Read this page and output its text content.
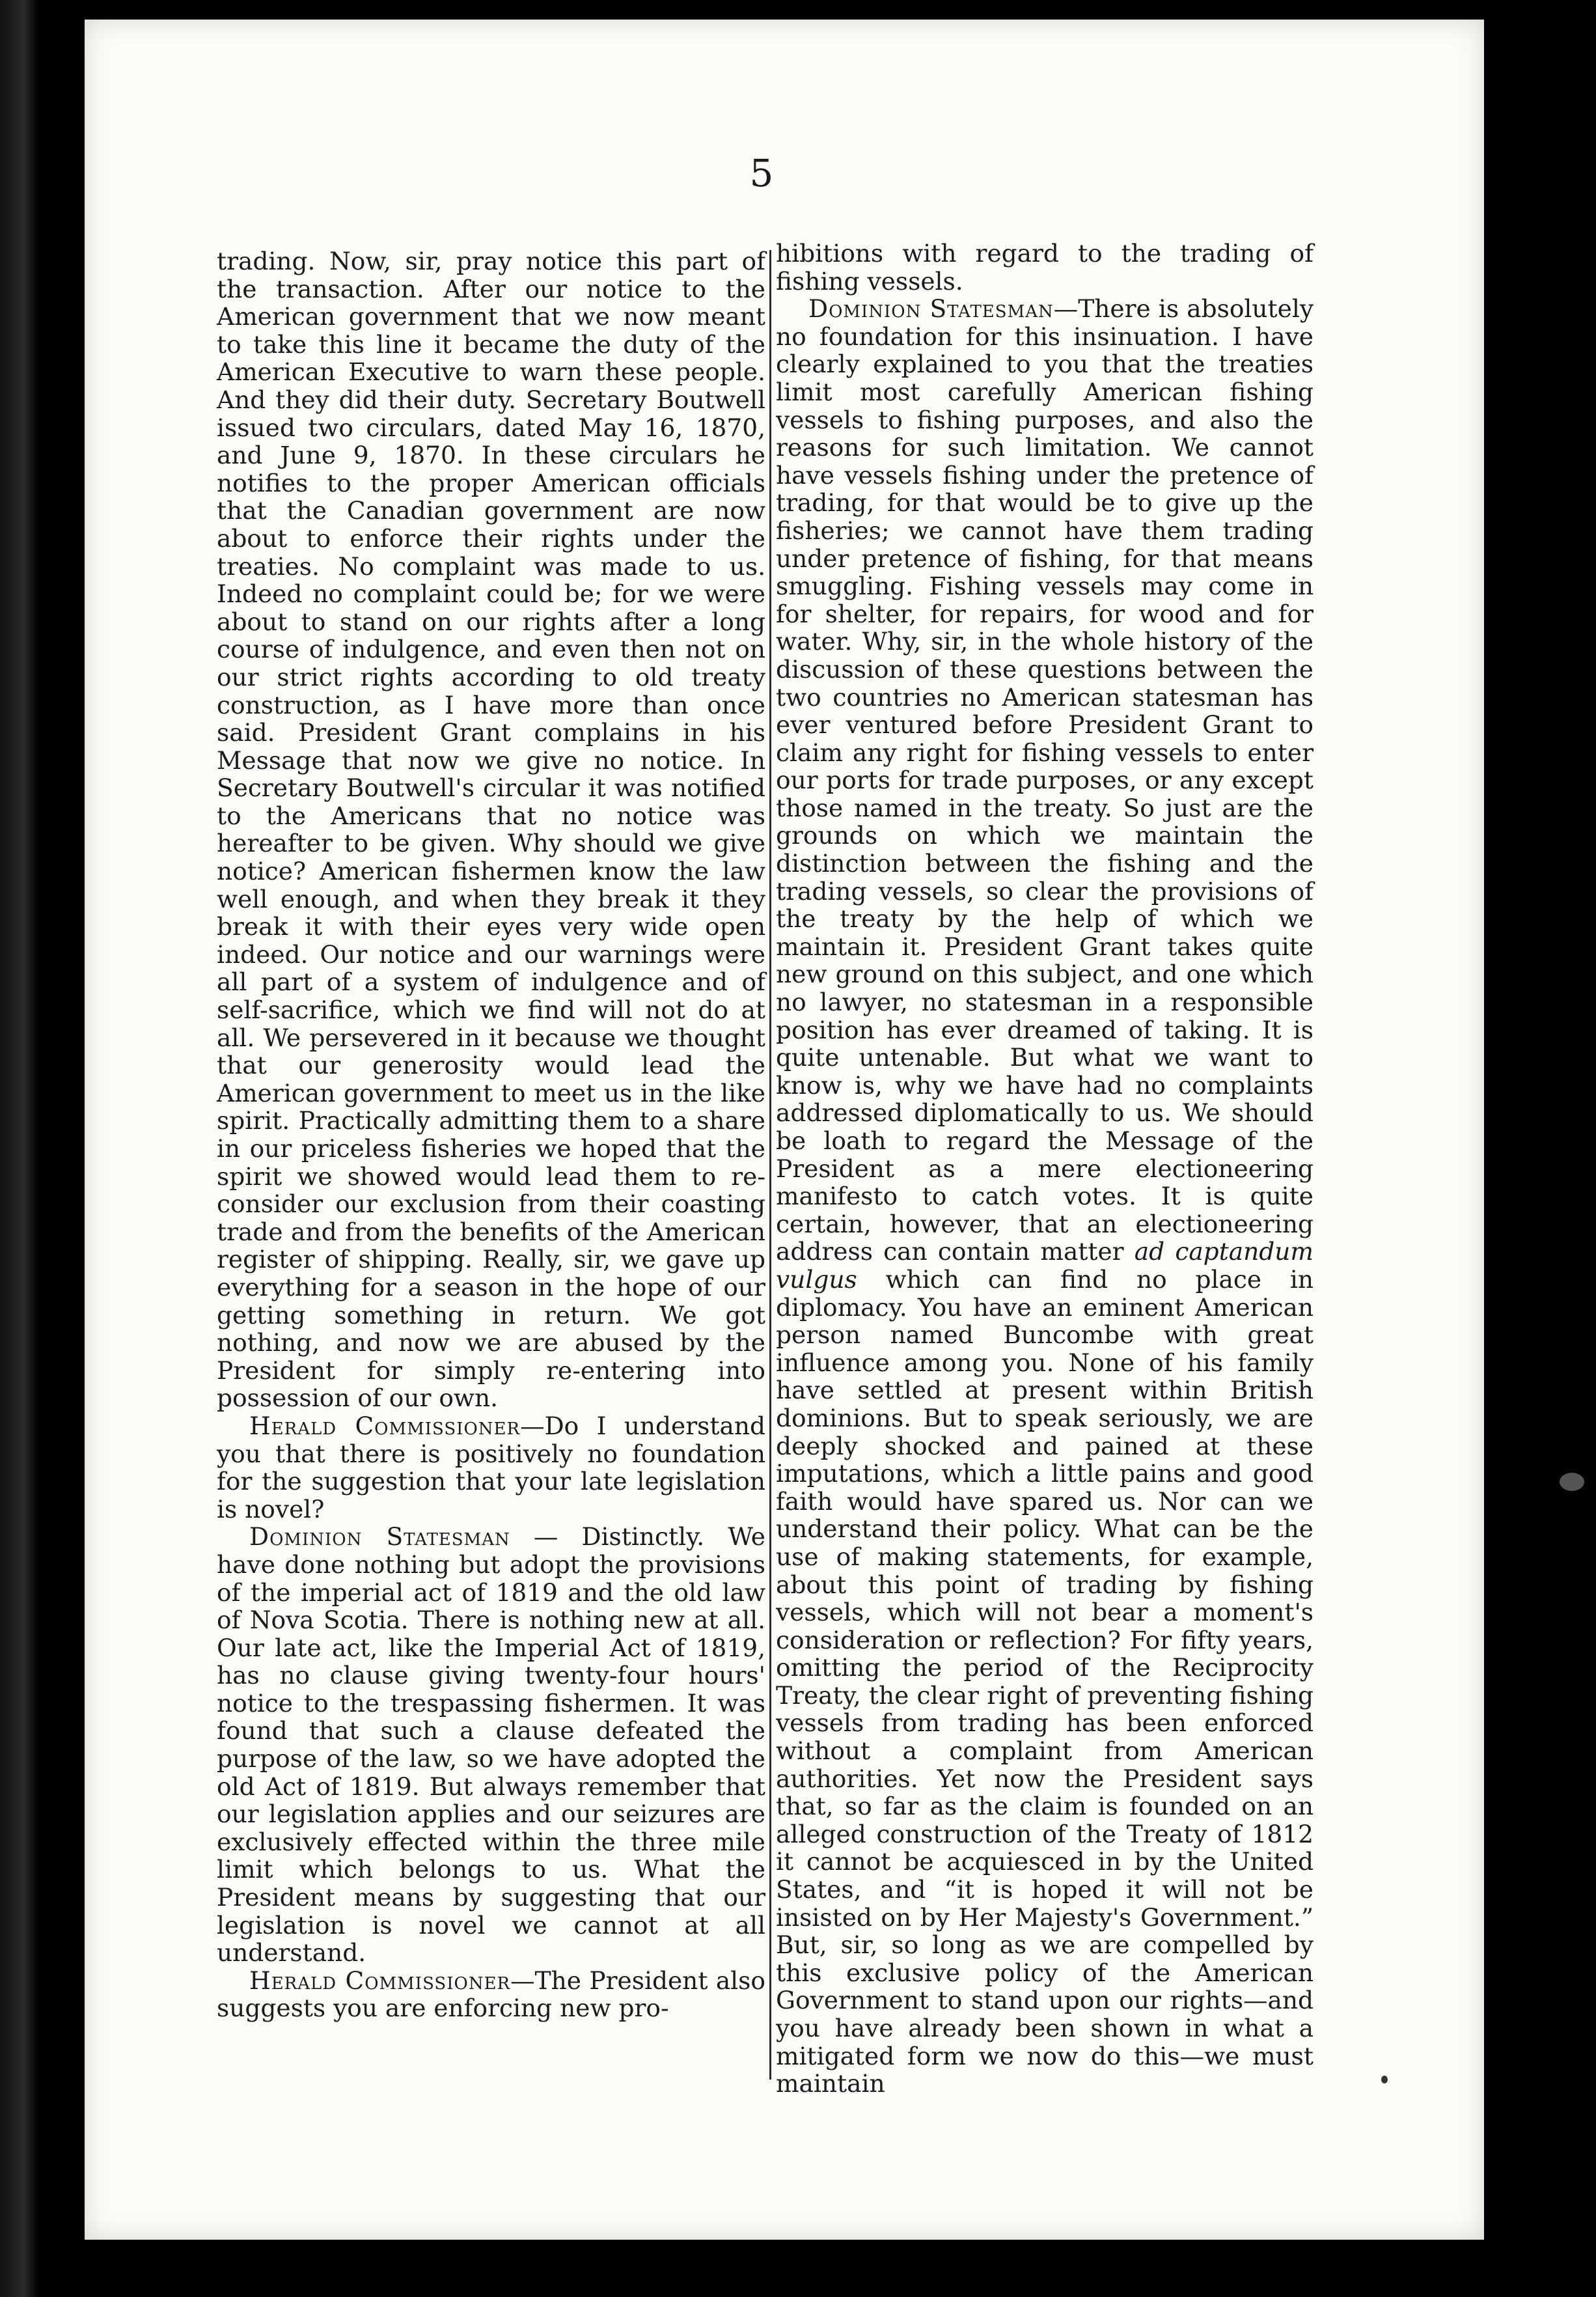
5

trading. Now, sir, pray notice this part of the transaction. After our notice to the American government that we now meant to take this line it became the duty of the American Executive to warn these people. And they did their duty. Secretary Boutwell issued two circulars, dated May 16, 1870, and June 9, 1870. In these circulars he notifies to the proper American officials that the Canadian government are now about to enforce their rights under the treaties. No complaint was made to us. Indeed no complaint could be; for we were about to stand on our rights after a long course of indulgence, and even then not on our strict rights according to old treaty construction, as I have more than once said. President Grant complains in his Message that now we give no notice. In Secretary Boutwell's circular it was notified to the Americans that no notice was hereafter to be given. Why should we give notice? American fishermen know the law well enough, and when they break it they break it with their eyes very wide open indeed. Our notice and our warnings were all part of a system of indulgence and of self-sacrifice, which we find will not do at all. We persevered in it because we thought that our generosity would lead the American government to meet us in the like spirit. Practically admitting them to a share in our priceless fisheries we hoped that the spirit we showed would lead them to re-consider our exclusion from their coasting trade and from the benefits of the American register of shipping. Really, sir, we gave up everything for a season in the hope of our getting something in return. We got nothing, and now we are abused by the President for simply re-entering into possession of our own.

Herald Commissioner—Do I understand you that there is positively no foundation for the suggestion that your late legislation is novel?

Dominion Statesman — Distinctly. We have done nothing but adopt the provisions of the imperial act of 1819 and the old law of Nova Scotia. There is nothing new at all. Our late act, like the Imperial Act of 1819, has no clause giving twenty-four hours' notice to the trespassing fishermen. It was found that such a clause defeated the purpose of the law, so we have adopted the old Act of 1819. But always remember that our legislation applies and our seizures are exclusively effected within the three mile limit which belongs to us. What the President means by suggesting that our legislation is novel we cannot at all understand.

Herald Commissioner—The President also suggests you are enforcing new pro-

hibitions with regard to the trading of fishing vessels.

Dominion Statesman—There is absolutely no foundation for this insinuation. I have clearly explained to you that the treaties limit most carefully American fishing vessels to fishing purposes, and also the reasons for such limitation. We cannot have vessels fishing under the pretence of trading, for that would be to give up the fisheries; we cannot have them trading under pretence of fishing, for that means smuggling. Fishing vessels may come in for shelter, for repairs, for wood and for water. Why, sir, in the whole history of the discussion of these questions between the two countries no American statesman has ever ventured before President Grant to claim any right for fishing vessels to enter our ports for trade purposes, or any except those named in the treaty. So just are the grounds on which we maintain the distinction between the fishing and the trading vessels, so clear the provisions of the treaty by the help of which we maintain it. President Grant takes quite new ground on this subject, and one which no lawyer, no statesman in a responsible position has ever dreamed of taking. It is quite untenable. But what we want to know is, why we have had no complaints addressed diplomatically to us. We should be loath to regard the Message of the President as a mere electioneering manifesto to catch votes. It is quite certain, however, that an electioneering address can contain matter ad captandum vulgus which can find no place in diplomacy. You have an eminent American person named Buncombe with great influence among you. None of his family have settled at present within British dominions. But to speak seriously, we are deeply shocked and pained at these imputations, which a little pains and good faith would have spared us. Nor can we understand their policy. What can be the use of making statements, for example, about this point of trading by fishing vessels, which will not bear a moment's consideration or reflection? For fifty years, omitting the period of the Reciprocity Treaty, the clear right of preventing fishing vessels from trading has been enforced without a complaint from American authorities. Yet now the President says that, so far as the claim is founded on an alleged construction of the Treaty of 1812 it cannot be acquiesced in by the United States, and “it is hoped it will not be insisted on by Her Majesty's Government.” But, sir, so long as we are compelled by this exclusive policy of the American Government to stand upon our rights—and you have already been shown in what a mitigated form we now do this—we must maintain
